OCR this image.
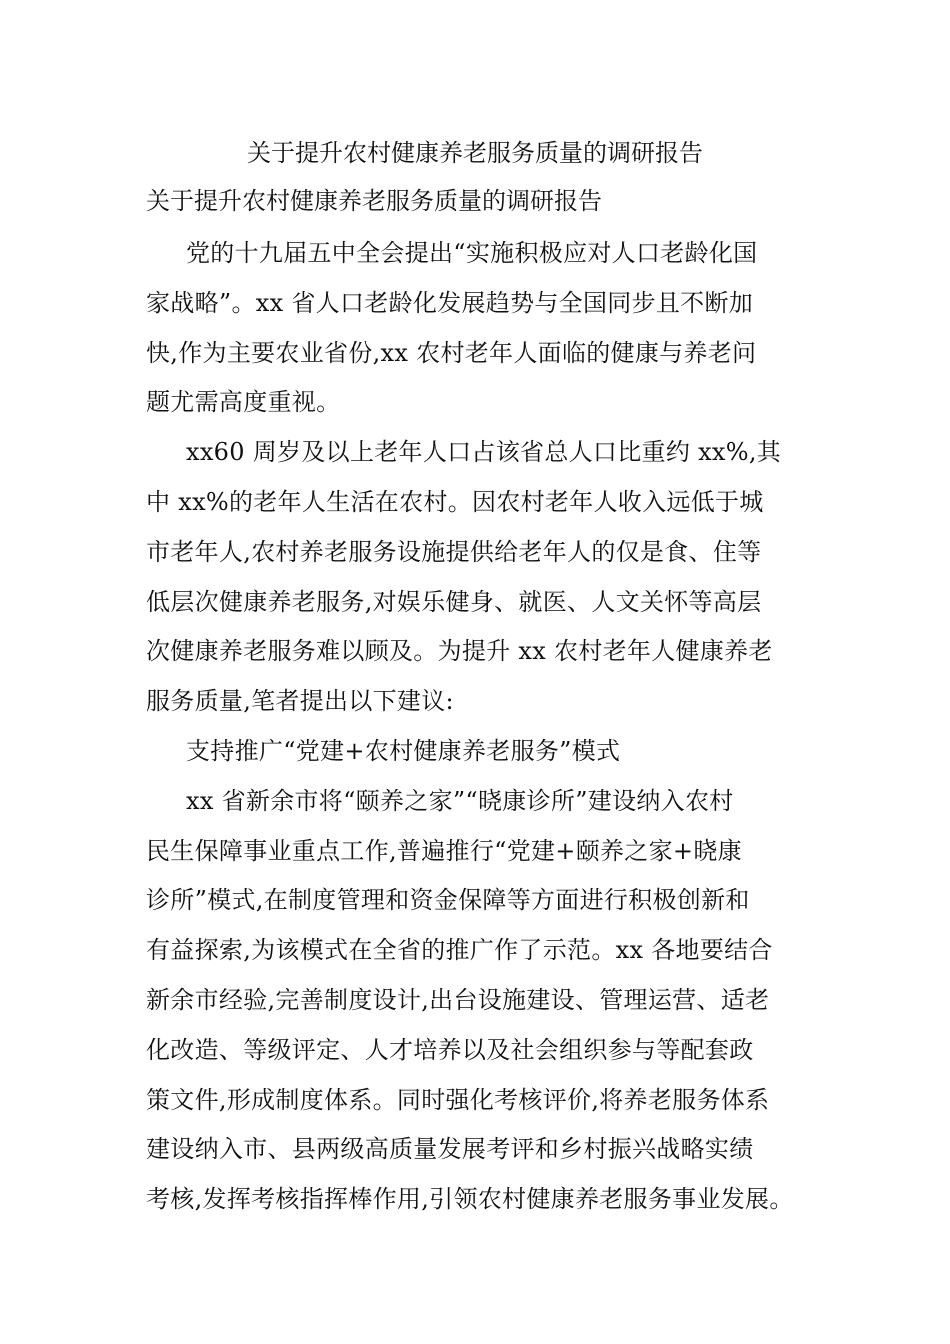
关于提升农村健康养老服务质量的调研报告
关于提升农村健康养老服务质量的调研报告
党的十九届五中全会提出“实施积极应对人口老龄化国
家战略”。xx 省人口老龄化发展趋势与全国同步且不断加
快,作为主要农业省份,xx 农村老年人面临的健康与养老问
题尤需高度重视。
xx60 周岁及以上老年人口占该省总人口比重约 xx%,其
中 xx%的老年人生活在农村。因农村老年人收入远低于城
市老年人,农村养老服务设施提供给老年人的仅是食、住等
低层次健康养老服务,对娱乐健身、就医、人文关怀等高层
次健康养老服务难以顾及。为提升 xx 农村老年人健康养老
服务质量,笔者提出以下建议:
支持推广“党建+农村健康养老服务”模式
xx 省新余市将“颐养之家”“晓康诊所”建设纳入农村
民生保障事业重点工作,普遍推行“党建+颐养之家+晓康
诊所”模式,在制度管理和资金保障等方面进行积极创新和
有益探索,为该模式在全省的推广作了示范。xx 各地要结合
新余市经验,完善制度设计,出台设施建设、管理运营、适老
化改造、等级评定、人才培养以及社会组织参与等配套政
策文件,形成制度体系。同时强化考核评价,将养老服务体系
建设纳入市、县两级高质量发展考评和乡村振兴战略实绩
考核,发挥考核指挥棒作用,引领农村健康养老服务事业发展。
